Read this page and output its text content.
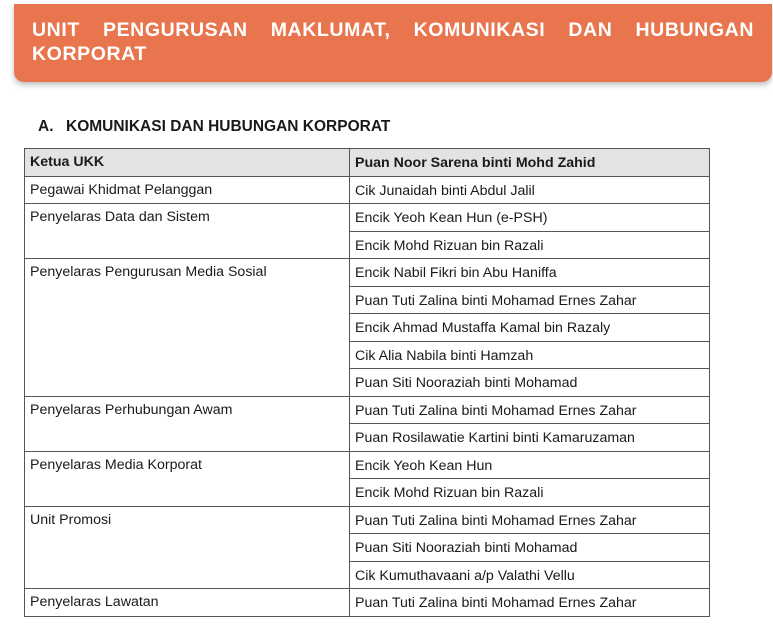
UNIT PENGURUSAN MAKLUMAT, KOMUNIKASI DAN HUBUNGAN KORPORAT

A. KOMUNIKASI DAN HUBUNGAN KORPORAT

Ketua UKK	Puan Noor Sarena binti Mohd Zahid
Pegawai Khidmat Pelanggan	Cik Junaidah binti Abdul Jalil
Penyelaras Data dan Sistem	Encik Yeoh Kean Hun (e-PSH)
	Encik Mohd Rizuan bin Razali
Penyelaras Pengurusan Media Sosial	Encik Nabil Fikri bin Abu Haniffa
	Puan Tuti Zalina binti Mohamad Ernes Zahar
	Encik Ahmad Mustaffa Kamal bin Razaly
	Cik Alia Nabila binti Hamzah
	Puan Siti Nooraziah binti Mohamad
Penyelaras Perhubungan Awam	Puan Tuti Zalina binti Mohamad Ernes Zahar
	Puan Rosilawatie Kartini binti Kamaruzaman
Penyelaras Media Korporat	Encik Yeoh Kean Hun
	Encik Mohd Rizuan bin Razali
Unit Promosi	Puan Tuti Zalina binti Mohamad Ernes Zahar
	Puan Siti Nooraziah binti Mohamad
	Cik Kumuthavaani a/p Valathi Vellu
Penyelaras Lawatan	Puan Tuti Zalina binti Mohamad Ernes Zahar
